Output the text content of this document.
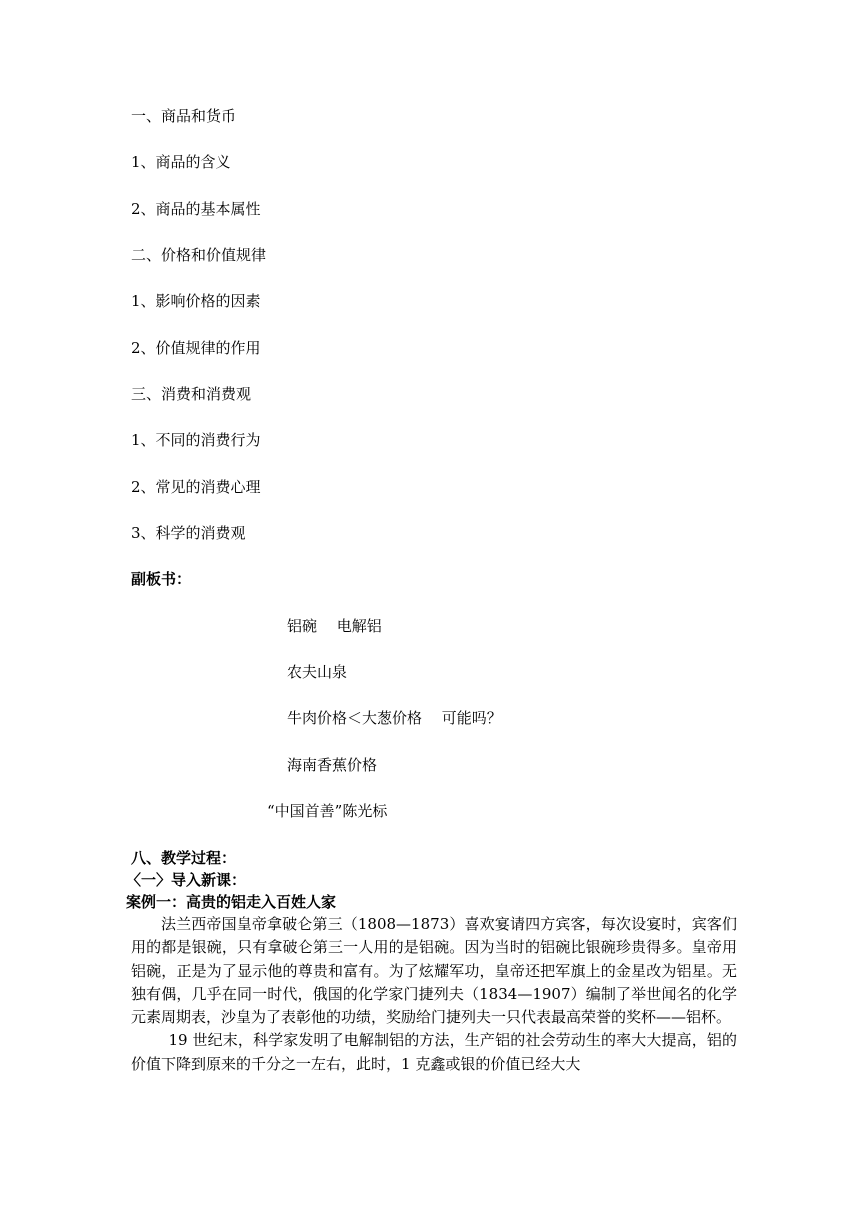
一、商品和货币
1、商品的含义
2、商品的基本属性
二、价格和价值规律
1、影响价格的因素
2、价值规律的作用
三、消费和消费观
1、不同的消费行为
2、常见的消费心理
3、科学的消费观
副板书：
铝碗　 电解铝
农夫山泉
牛肉价格＜大葱价格　 可能吗？
海南香蕉价格
“中国首善”陈光标
八、教学过程：
〈一〉导入新课：
案例一：高贵的铝走入百姓人家

法兰西帝国皇帝拿破仑第三（1808—1873）喜欢宴请四方宾客，每次设宴时，宾客们用的都是银碗，只有拿破仑第三一人用的是铝碗。因为当时的铝碗比银碗珍贵得多。皇帝用铝碗，正是为了显示他的尊贵和富有。为了炫耀军功，皇帝还把军旗上的金星改为铝星。无独有偶，几乎在同一时代，俄国的化学家门捷列夫（1834—1907）编制了举世闻名的化学元素周期表，沙皇为了表彰他的功绩，奖励给门捷列夫一只代表最高荣誉的奖杯——铝杯。

19 世纪末，科学家发明了电解制铝的方法，生产铝的社会劳动生的率大大提高，铝的价值下降到原来的千分之一左右，此时，1 克鑫或银的价值已经大大
